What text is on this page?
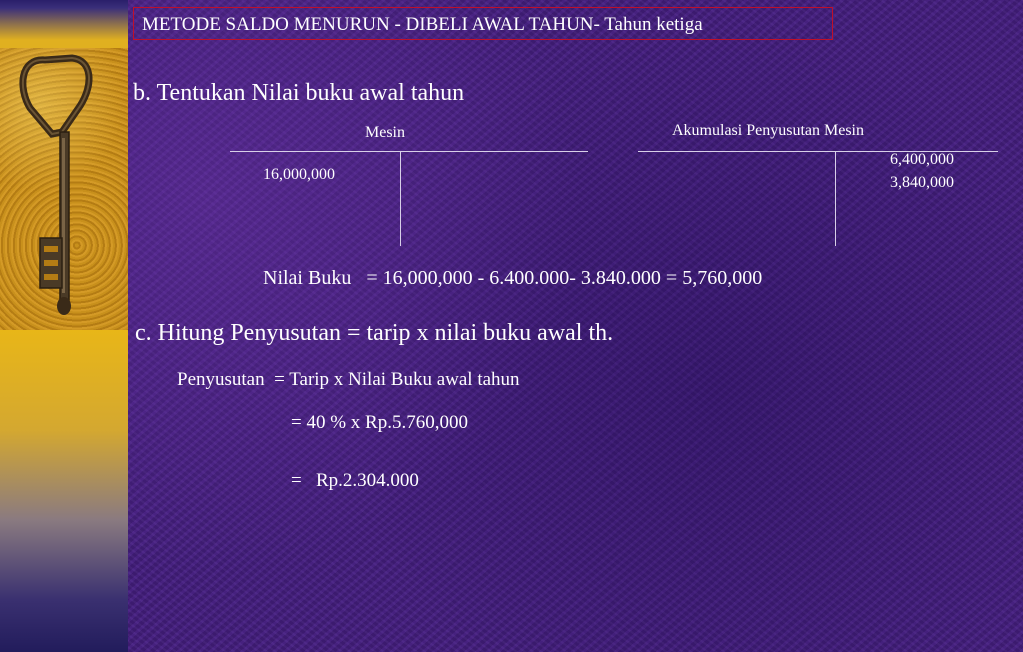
METODE SALDO MENURUN - DIBELI AWAL TAHUN- Tahun ketiga
b. Tentukan Nilai buku awal tahun
Mesin
16,000,000
Akumulasi Penyusutan Mesin
6,400,000
3,840,000
Nilai Buku   = 16,000,000 - 6.400.000- 3.840.000 = 5,760,000
c. Hitung Penyusutan = tarip x nilai buku awal th.
Penyusutan  = Tarip x Nilai Buku awal tahun
= 40 % x Rp.5.760,000
=   Rp.2.304.000
